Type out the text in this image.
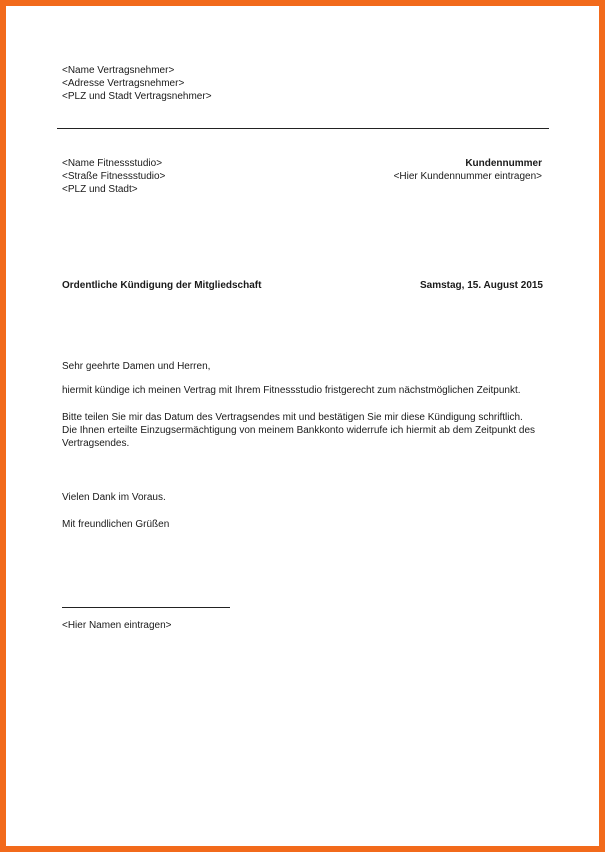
<Name Vertragsnehmer>
<Adresse Vertragsnehmer>
<PLZ und Stadt Vertragsnehmer>
<Name Fitnessstudio>
<Straße Fitnessstudio>
<PLZ und Stadt>
Kundennummer
<Hier Kundennummer eintragen>
Ordentliche Kündigung der Mitgliedschaft	Samstag, 15. August 2015
Sehr geehrte Damen und Herren,
hiermit kündige ich meinen Vertrag mit Ihrem Fitnessstudio fristgerecht zum nächstmöglichen Zeitpunkt.
Bitte teilen Sie mir das Datum des Vertragsendes mit und bestätigen Sie mir diese Kündigung schriftlich.
Die Ihnen erteilte Einzugsermächtigung von meinem Bankkonto widerrufe ich hiermit ab dem Zeitpunkt des
Vertragsendes.
Vielen Dank im Voraus.
Mit freundlichen Grüßen
<Hier Namen eintragen>
